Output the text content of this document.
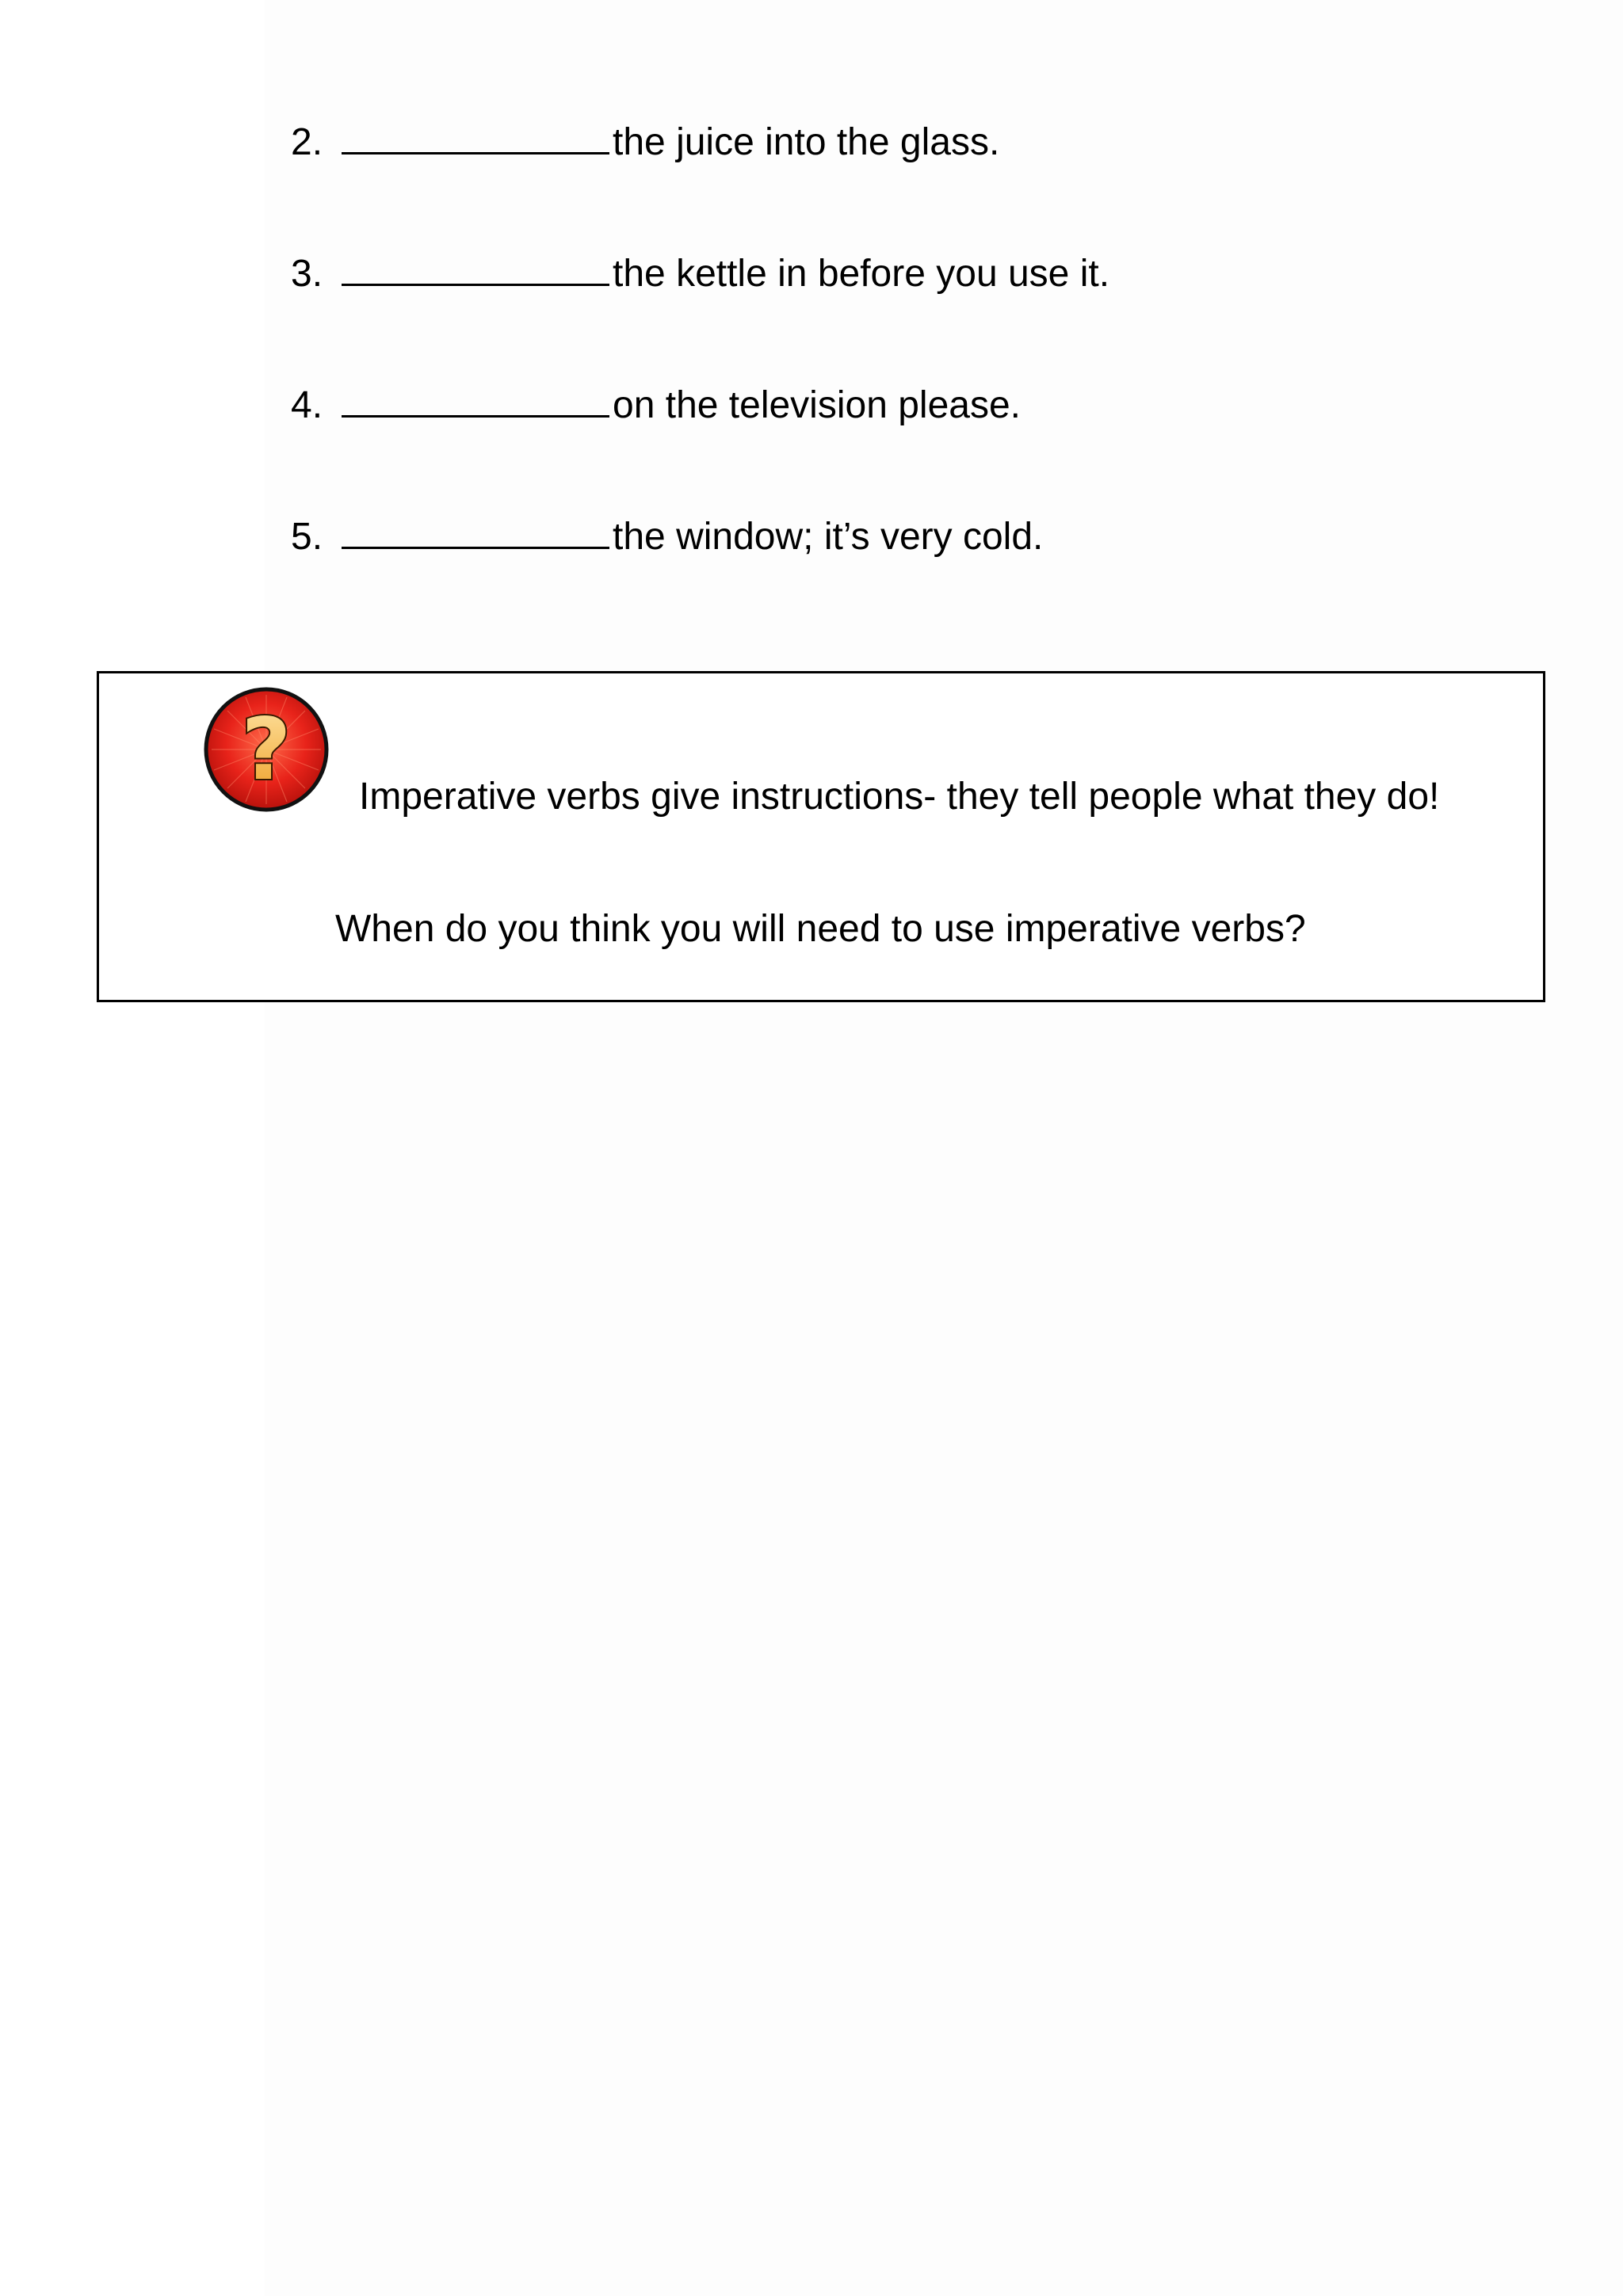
2.	the juice into the glass.
3.	the kettle in before you use it.
4.	on the television please.
5.	the window; it’s very cold.
? Imperative verbs give instructions- they tell people what they do!
When do you think you will need to use imperative verbs?
